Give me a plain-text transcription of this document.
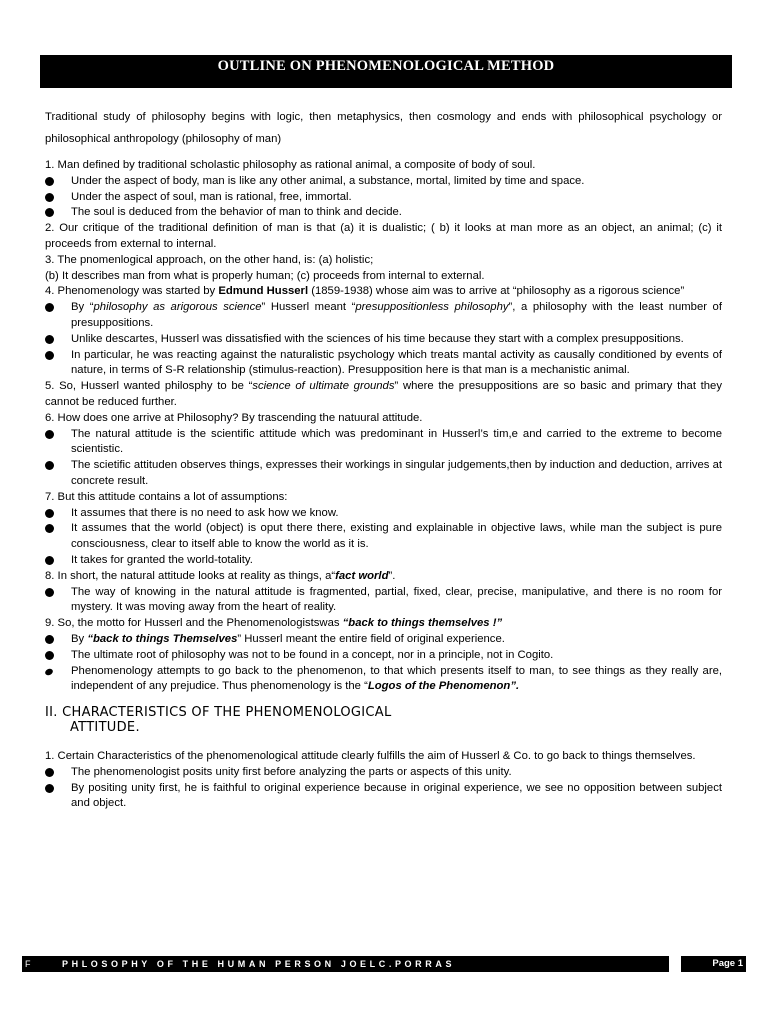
OUTLINE ON PHENOMENOLOGICAL METHOD

Traditional study of philosophy begins with logic, then metaphysics, then cosmology and ends with philosophical psychology or philosophical anthropology (philosophy of man)

1. Man defined by traditional scholastic philosophy as rational animal, a composite of body of soul.

Under the aspect of body, man is like any other animal, a substance, mortal, limited by time and space.

Under the aspect of soul, man is rational, free, immortal.

The soul is deduced from the behavior of man to think and decide.

2. Our critique of the traditional definition of man is that (a) it is dualistic; ( b) it looks at man more as an object, an animal; (c) it proceeds from external to internal.

3. The pnomenlogical approach, on the other hand, is: (a) holistic;

(b) It describes man from what is properly human; (c) proceeds from internal to external.

4. Phenomenology was started by Edmund Husserl (1859-1938) whose aim was to arrive at “philosophy as a rigorous science”

By “philosophy as arigorous science” Husserl meant “presuppositionless philosophy”, a philosophy with the least number of presuppositions.

Unlike descartes, Husserl was dissatisfied with the sciences of his time because they start with a complex presuppositions.

In particular, he was reacting against the naturalistic psychology which treats mantal activity as causally conditioned by events of nature, in terms of S-R relationship (stimulus-reaction). Presupposition here is that man is a mechanistic animal.

5. So, Husserl wanted philosphy to be “science of ultimate grounds” where the presuppositions are so basic and primary that they cannot be reduced further.

6. How does one arrive at Philosophy? By trascending the natuural attitude.

The natural attitude is the scientific attitude which was predominant in Husserl’s tim,e and carried to the extreme to become scientistic.

The scietific attituden observes things, expresses their workings in singular judgements,then by induction and deduction, arrives at concrete result.

7. But this attitude contains a lot of assumptions:

It assumes that there is no need to ask how we know.

It assumes that the world (object) is oput there there, existing and explainable in objective laws, while man the subject is pure consciousness, clear to itself able to know the world as it is.

It takes for granted the world-totality.

8. In short, the natural attitude looks at reality as things, a“fact world”.

The way of knowing in the natural attitude is fragmented, partial, fixed, clear, precise, manipulative, and there is no room for mystery. It was moving away from the heart of reality.

9. So, the motto for Husserl and the Phenomenologistswas “back to things themselves !”

By “back to things Themselves” Husserl meant the entire field of original experience.

The ultimate root of philosophy was not to be found in a concept, nor in a principle, not in Cogito.

Phenomenology attempts to go back to the phenomenon, to that which presents itself to man, to see things as they really are, independent of any prejudice. Thus phenomenology is the “Logos of the Phenomenon”.

II. CHARACTERISTICS OF THE PHENOMENOLOGICAL
ATTITUDE.

1. Certain Characteristics of the phenomenological attitude clearly fulfills the aim of Husserl & Co. to go back to things themselves.

The phenomenologist posits unity first before analyzing the parts or aspects of this unity.

By positing unity first, he is faithful to original experience because in original experience, we see no opposition between subject and object.

F	PHLOSOPHY OF THE HUMAN PERSON JOELC.PORRAS	Page 1
